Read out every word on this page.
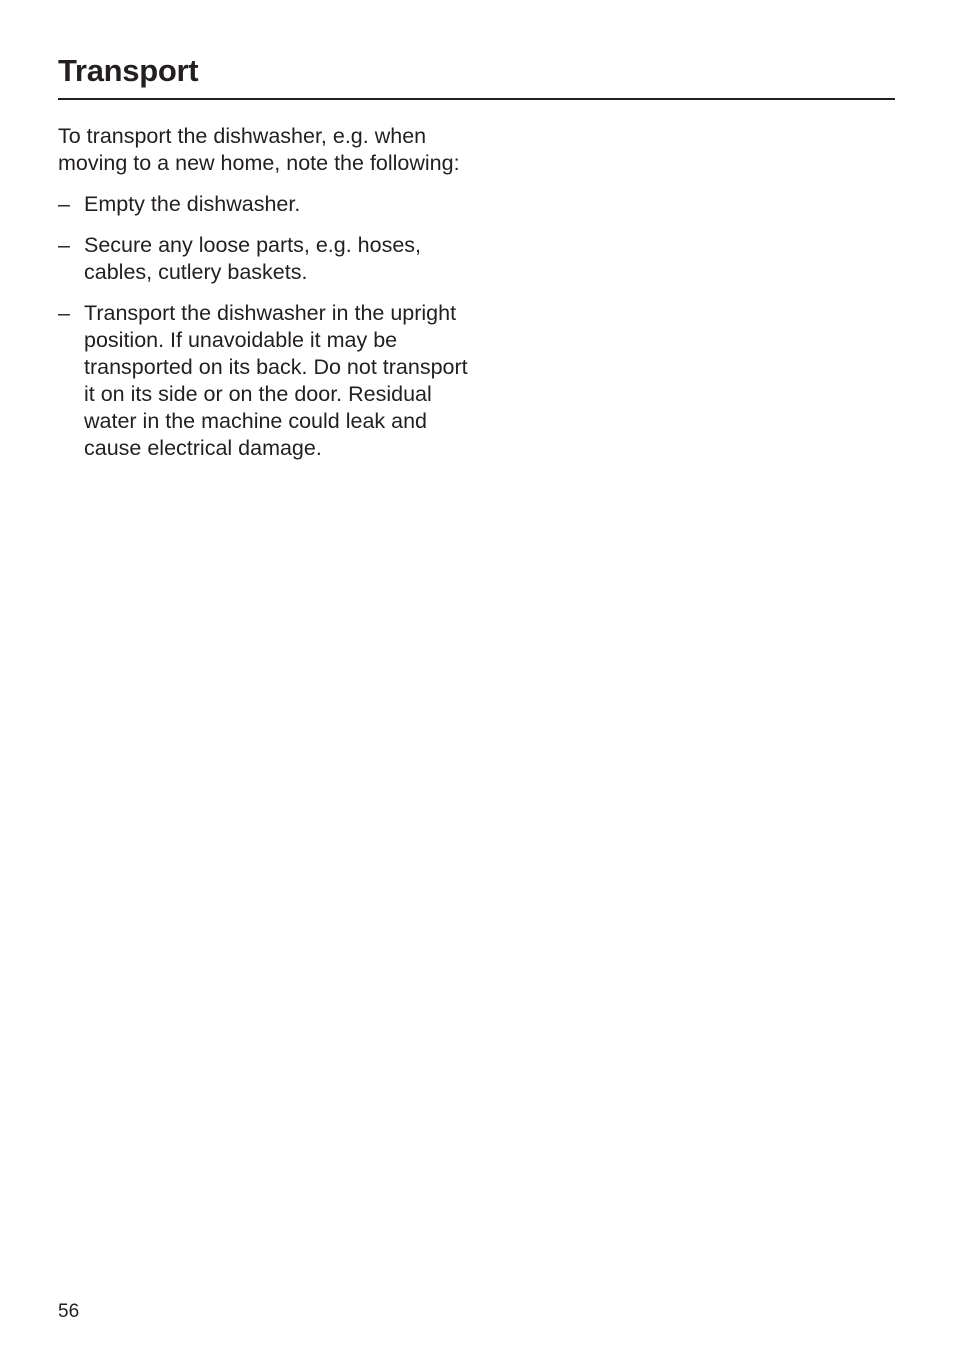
Transport

To transport the dishwasher, e.g. when moving to a new home, note the following:

– Empty the dishwasher.
– Secure any loose parts, e.g. hoses, cables, cutlery baskets.
– Transport the dishwasher in the upright position. If unavoidable it may be transported on its back. Do not transport it on its side or on the door. Residual water in the machine could leak and cause electrical damage.
56
